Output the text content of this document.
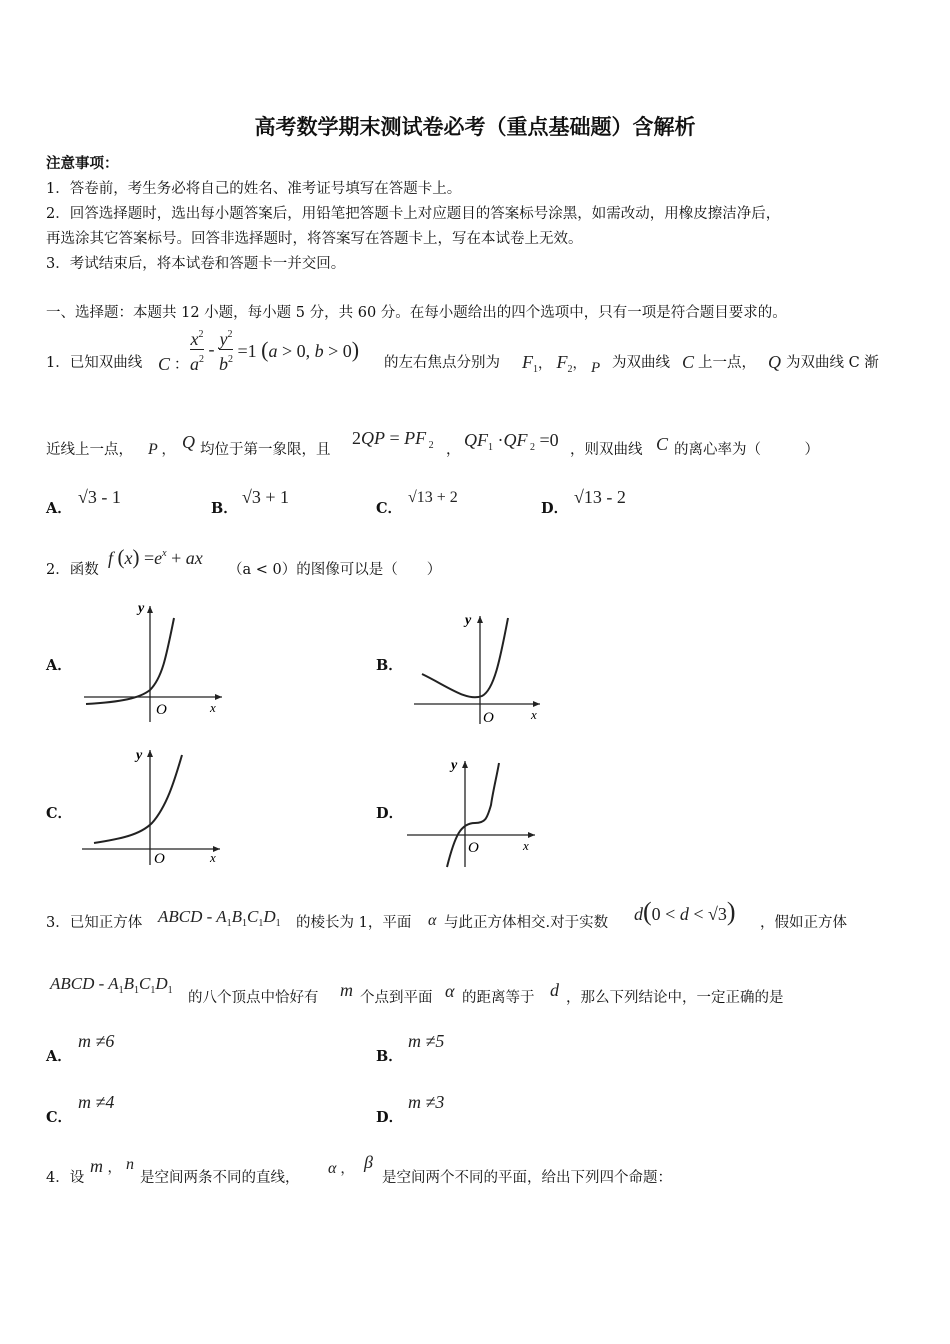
高考数学期末测试卷必考（重点基础题）含解析
注意事项：
1．答卷前，考生务必将自己的姓名、准考证号填写在答题卡上。
2．回答选择题时，选出每小题答案后，用铅笔把答题卡上对应题目的答案标号涂黑，如需改动，用橡皮擦洁净后，
再选涂其它答案标号。回答非选择题时，将答案写在答题卡上，写在本试卷上无效。
3．考试结束后，将本试卷和答题卡一并交回。
一、选择题：本题共 12 小题，每小题 5 分，共 60 分。在每小题给出的四个选项中，只有一项是符合题目要求的。
1．已知双曲线 C ： $\frac{x^2}{a^2} - \frac{y^2}{b^2} =1$ (a > 0, b > 0)
的左右焦点分别为 $F_1$， $F_2$， $_P$ 为双曲线 C 上一点， Q 为双曲线 C 渐
近线上一点， P ， Q 均位于第一象限，且
2QP = PF $_2$ ， $QF_1 \cdot QF$ $_2$ =0 ，则双曲线 C 的离心率为（　　　）
A．
√3 - 1
B．
√3 + 1
C．
√13 + 2
D．
√13 - 2
2．函数
f $(x) =e^x$ + ax
（a < 0）的图像可以是（　　）
A．	B．
C．	D．
y
x
O
y
x
O
y
x
O
y
x
O
3．已知正方体 ABCD - $A_1B_1C_1D_1$ 的棱长为 1，平面 α 与此正方体相交.对于实数 d(0 < d < √3) ，假如正方体
ABCD - $A_1B_1C_1D_1$ 的八个顶点中恰好有 m 个点到平面 α 的距离等于 d ，那么下列结论中，一定正确的是
A．
m ≠6
B．
m ≠5
C．
m ≠4
D．
m ≠3
4．设
m ， n
是空间两条不同的直线，
α ， β
是空间两个不同的平面，给出下列四个命题：
